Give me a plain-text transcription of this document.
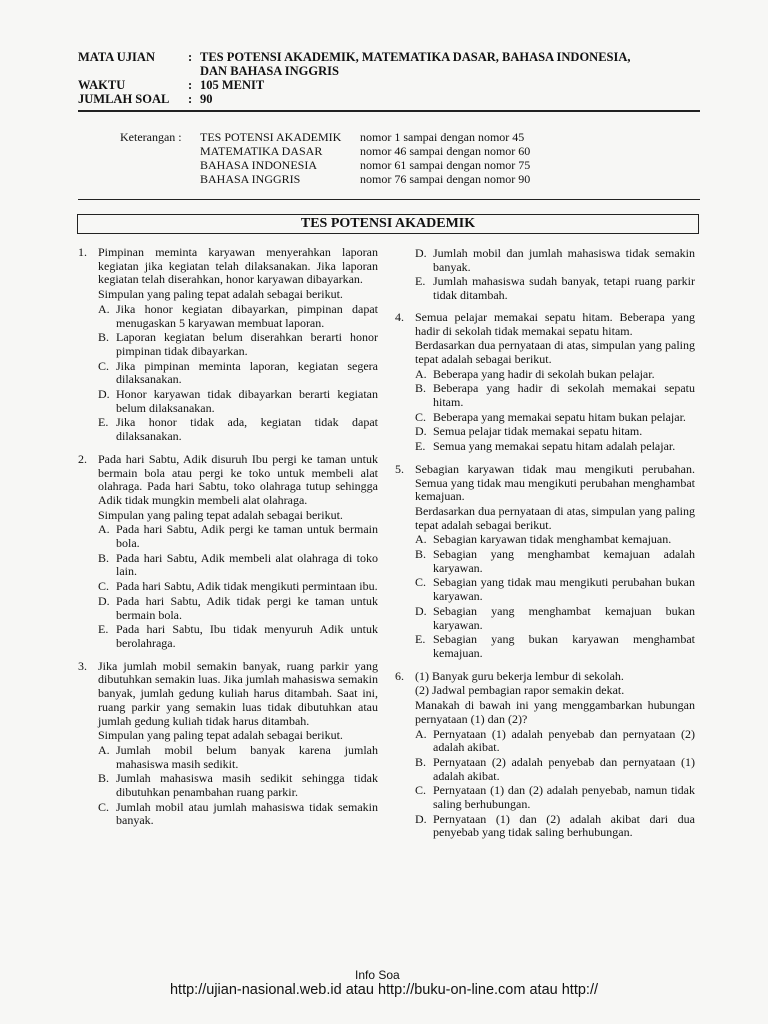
MATA UJIAN	: TES POTENSI AKADEMIK, MATEMATIKA DASAR, BAHASA INDONESIA,
DAN BAHASA INGGRIS
WAKTU	: 105 MENIT
JUMLAH SOAL	: 90
Keterangan :	TES POTENSI AKADEMIK	nomor 1 sampai dengan nomor 45
MATEMATIKA DASAR	nomor 46 sampai dengan nomor 60
BAHASA INDONESIA	nomor 61 sampai dengan nomor 75
BAHASA INGGRIS	nomor 76 sampai dengan nomor 90
TES POTENSI AKADEMIK
1. Pimpinan meminta karyawan menyerahkan laporan kegiatan jika kegiatan telah dilaksanakan. Jika laporan kegiatan telah diserahkan, honor karyawan dibayarkan.

Simpulan yang paling tepat adalah sebagai berikut.

A. Jika honor kegiatan dibayarkan, pimpinan dapat menugaskan 5 karyawan membuat laporan.
B. Laporan kegiatan belum diserahkan berarti honor pimpinan tidak dibayarkan.
C. Jika pimpinan meminta laporan, kegiatan segera dilaksanakan.
D. Honor karyawan tidak dibayarkan berarti kegiatan belum dilaksanakan.
E. Jika honor tidak ada, kegiatan tidak dapat dilaksanakan.
2. Pada hari Sabtu, Adik disuruh Ibu pergi ke taman untuk bermain bola atau pergi ke toko untuk membeli alat olahraga. Pada hari Sabtu, toko olahraga tutup sehingga Adik tidak mungkin membeli alat olahraga.

Simpulan yang paling tepat adalah sebagai berikut.

A. Pada hari Sabtu, Adik pergi ke taman untuk bermain bola.
B. Pada hari Sabtu, Adik membeli alat olahraga di toko lain.
C. Pada hari Sabtu, Adik tidak mengikuti permintaan ibu.
D. Pada hari Sabtu, Adik tidak pergi ke taman untuk bermain bola.
E. Pada hari Sabtu, Ibu tidak menyuruh Adik untuk berolahraga.
3. Jika jumlah mobil semakin banyak, ruang parkir yang dibutuhkan semakin luas. Jika jumlah mahasiswa semakin banyak, jumlah gedung kuliah harus ditambah. Saat ini, ruang parkir yang semakin luas tidak dibutuhkan atau jumlah gedung kuliah tidak harus ditambah.

Simpulan yang paling tepat adalah sebagai berikut.

A. Jumlah mobil belum banyak karena jumlah mahasiswa masih sedikit.
B. Jumlah mahasiswa masih sedikit sehingga tidak dibutuhkan penambahan ruang parkir.
C. Jumlah mobil atau jumlah mahasiswa tidak semakin banyak.
D. Jumlah mobil dan jumlah mahasiswa tidak semakin banyak.
E. Jumlah mahasiswa sudah banyak, tetapi ruang parkir tidak ditambah.
4. Semua pelajar memakai sepatu hitam. Beberapa yang hadir di sekolah tidak memakai sepatu hitam.

Berdasarkan dua pernyataan di atas, simpulan yang paling tepat adalah sebagai berikut.

A. Beberapa yang hadir di sekolah bukan pelajar.
B. Beberapa yang hadir di sekolah memakai sepatu hitam.
C. Beberapa yang memakai sepatu hitam bukan pelajar.
D. Semua pelajar tidak memakai sepatu hitam.
E. Semua yang memakai sepatu hitam adalah pelajar.
5. Sebagian karyawan tidak mau mengikuti perubahan. Semua yang tidak mau mengikuti perubahan menghambat kemajuan.

Berdasarkan dua pernyataan di atas, simpulan yang paling tepat adalah sebagai berikut.

A. Sebagian karyawan tidak menghambat kemajuan.
B. Sebagian yang menghambat kemajuan adalah karyawan.
C. Sebagian yang tidak mau mengikuti perubahan bukan karyawan.
D. Sebagian yang menghambat kemajuan bukan karyawan.
E. Sebagian yang bukan karyawan menghambat kemajuan.
6. (1) Banyak guru bekerja lembur di sekolah.

(2) Jadwal pembagian rapor semakin dekat.

Manakah di bawah ini yang menggambarkan hubungan pernyataan (1) dan (2)?

A. Pernyataan (1) adalah penyebab dan pernyataan (2) adalah akibat.
B. Pernyataan (2) adalah penyebab dan pernyataan (1) adalah akibat.
C. Pernyataan (1) dan (2) adalah penyebab, namun tidak saling berhubungan.
D. Pernyataan (1) dan (2) adalah akibat dari dua penyebab yang tidak saling berhubungan.
Info Soa
http://ujian-nasional.web.id atau http://buku-on-line.com atau http://
